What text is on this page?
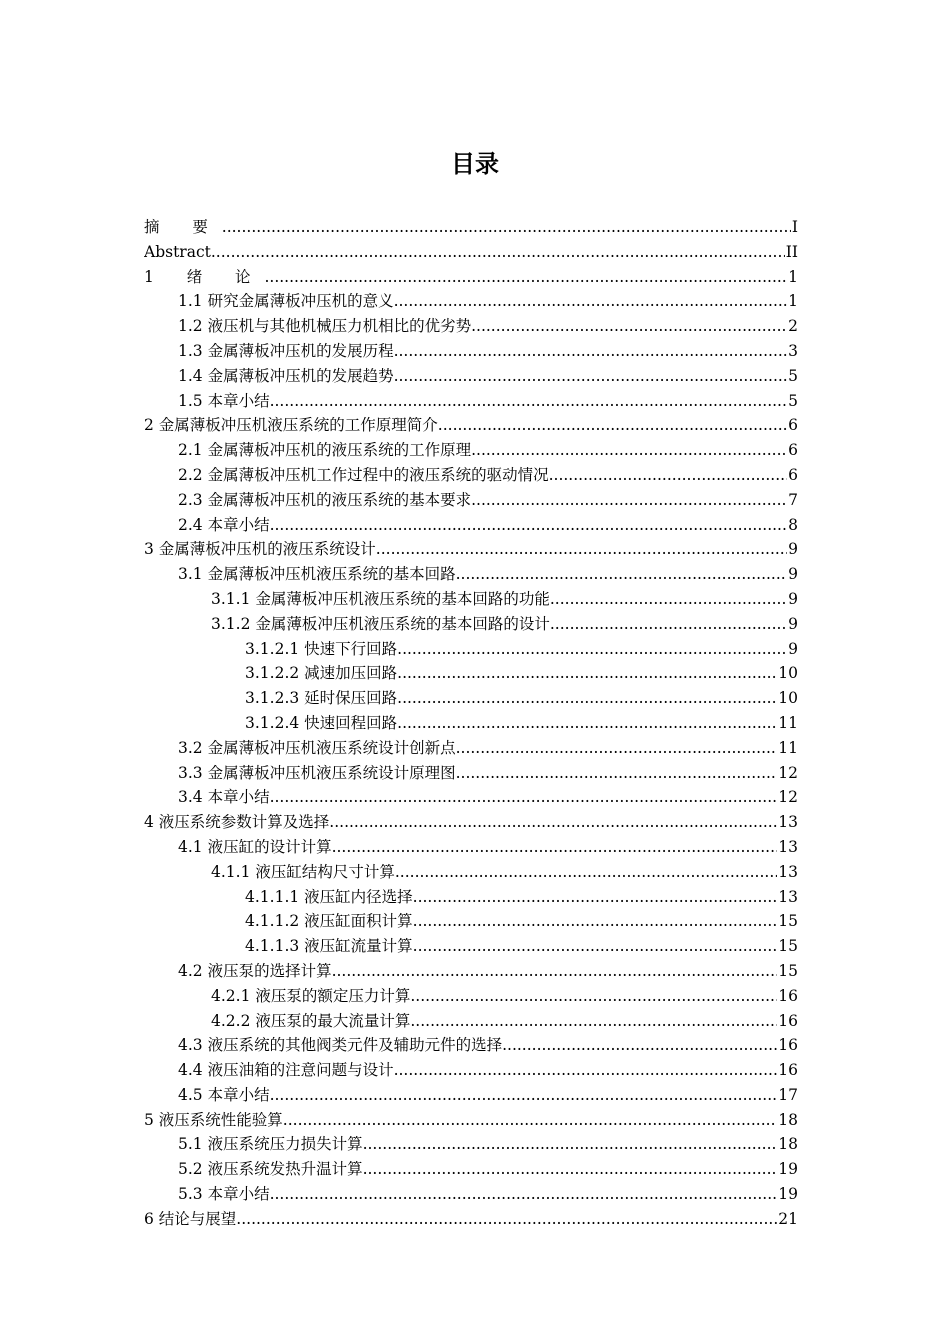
目录
摘 要 .....	I
Abstract .....	II
1 绪 论 .....	1
1.1 研究金属薄板冲压机的意义 .....	1
1.2 液压机与其他机械压力机相比的优劣势 .....	2
1.3 金属薄板冲压机的发展历程 .....	3
1.4 金属薄板冲压机的发展趋势 .....	5
1.5 本章小结 .....	5
2 金属薄板冲压机液压系统的工作原理简介 .....	6
2.1 金属薄板冲压机的液压系统的工作原理 .....	6
2.2 金属薄板冲压机工作过程中的液压系统的驱动情况 .....	6
2.3 金属薄板冲压机的液压系统的基本要求 .....	7
2.4 本章小结 .....	8
3 金属薄板冲压机的液压系统设计 .....	9
3.1 金属薄板冲压机液压系统的基本回路 .....	9
3.1.1 金属薄板冲压机液压系统的基本回路的功能 .....	9
3.1.2 金属薄板冲压机液压系统的基本回路的设计 .....	9
3.1.2.1 快速下行回路 .....	9
3.1.2.2 减速加压回路 .....	10
3.1.2.3 延时保压回路 .....	10
3.1.2.4 快速回程回路 .....	11
3.2 金属薄板冲压机液压系统设计创新点 .....	11
3.3 金属薄板冲压机液压系统设计原理图 .....	12
3.4 本章小结 .....	12
4 液压系统参数计算及选择 .....	13
4.1 液压缸的设计计算 .....	13
4.1.1 液压缸结构尺寸计算 .....	13
4.1.1.1 液压缸内径选择 .....	13
4.1.1.2 液压缸面积计算 .....	15
4.1.1.3 液压缸流量计算 .....	15
4.2 液压泵的选择计算 .....	15
4.2.1 液压泵的额定压力计算 .....	16
4.2.2 液压泵的最大流量计算 .....	16
4.3 液压系统的其他阀类元件及辅助元件的选择 .....	16
4.4 液压油箱的注意问题与设计 .....	16
4.5 本章小结 .....	17
5 液压系统性能验算 .....	18
5.1 液压系统压力损失计算 .....	18
5.2 液压系统发热升温计算 .....	19
5.3 本章小结 .....	19
6 结论与展望 .....	21
